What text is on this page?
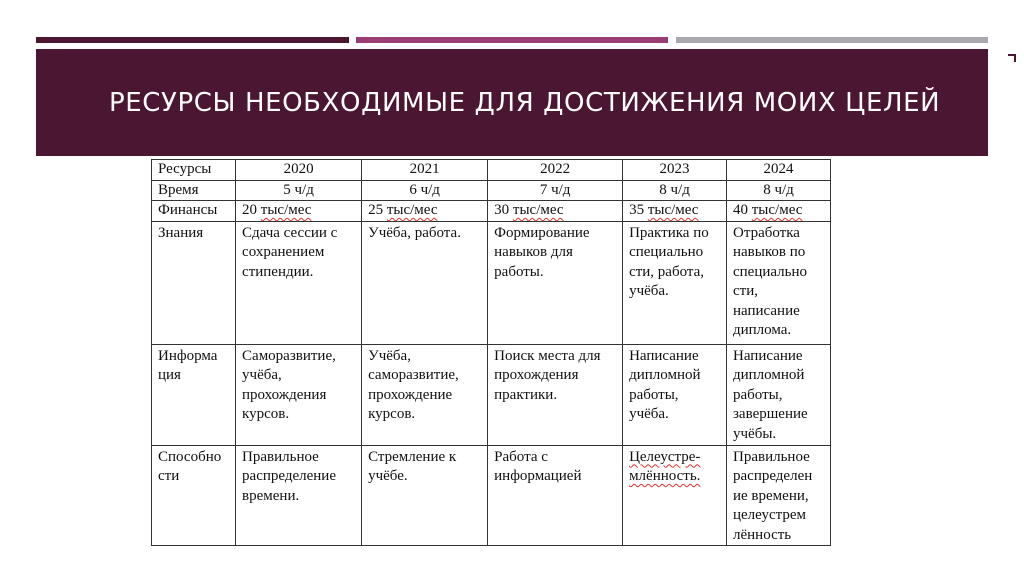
РЕСУРСЫ НЕОБХОДИМЫЕ ДЛЯ ДОСТИЖЕНИЯ МОИХ ЦЕЛЕЙ
Ресурсы	2020	2021	2022	2023	2024
Время	5 ч/д	6 ч/д	7 ч/д	8 ч/д	8 ч/д
Финансы	20 тыс/мес	25 тыс/мес	30 тыс/мес	35 тыс/мес	40 тыс/мес
Знания	Сдача сессии с сохранением стипендии.	Учёба, работа.	Формирование навыков для работы.	Практика по специально сти, работа, учёба.	Отработка навыков по специально сти, написание диплома.
Информа ция	Саморазвитие, учёба, прохождения курсов.	Учёба, саморазвитие, прохождение курсов.	Поиск места для прохождения практики.	Написание дипломной работы, учёба.	Написание дипломной работы, завершение учёбы.
Способно сти	Правильное распределение времени.	Стремление к учёбе.	Работа с информацией	Целеустре-млённость.	Правильное распределен ие времени, целеустрем лённость
